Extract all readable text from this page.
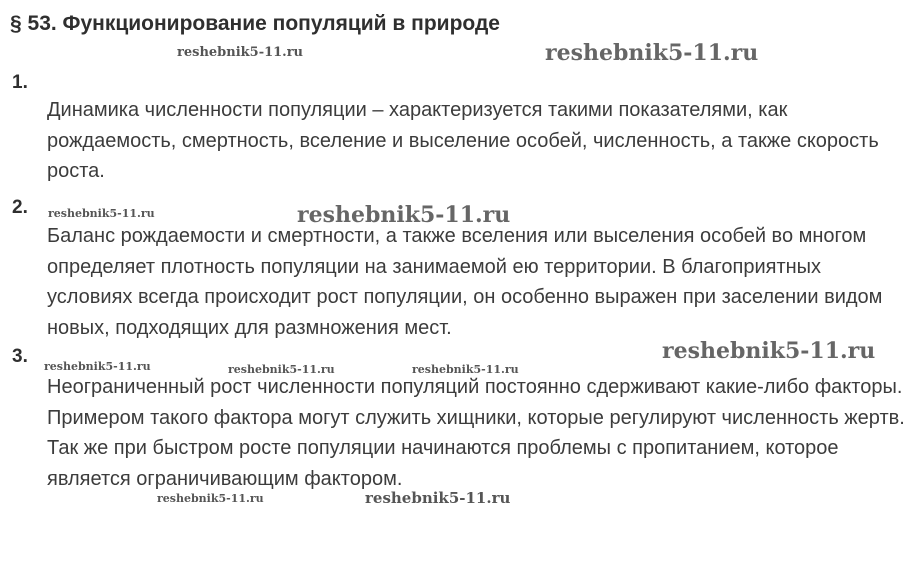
§ 53. Функционирование популяций в природе
reshebnik5-11.ru	reshebnik5-11.ru
reshebnik5-11.ru	reshebnik5-11.ru
reshebnik5-11.ru
reshebnik5-11.ru	reshebnik5-11.ru	reshebnik5-11.ru
reshebnik5-11.ru	reshebnik5-11.ru
1.
Динамика численности популяции – характеризуется такими показателями, как рождаемость, смертность, вселение и выселение особей, численность, а также скорость роста.
2.
Баланс рождаемости и смертности, а также вселения или выселения особей во многом определяет плотность популяции на занимаемой ею территории. В благоприятных условиях всегда происходит рост популяции, он особенно выражен при заселении видом новых, подходящих для размножения мест.
3.
Неограниченный рост численности популяций постоянно сдерживают какие-либо факторы. Примером такого фактора могут служить хищники, которые регулируют численность жертв. Так же при быстром росте популяции начинаются проблемы с пропитанием, которое является ограничивающим фактором.
